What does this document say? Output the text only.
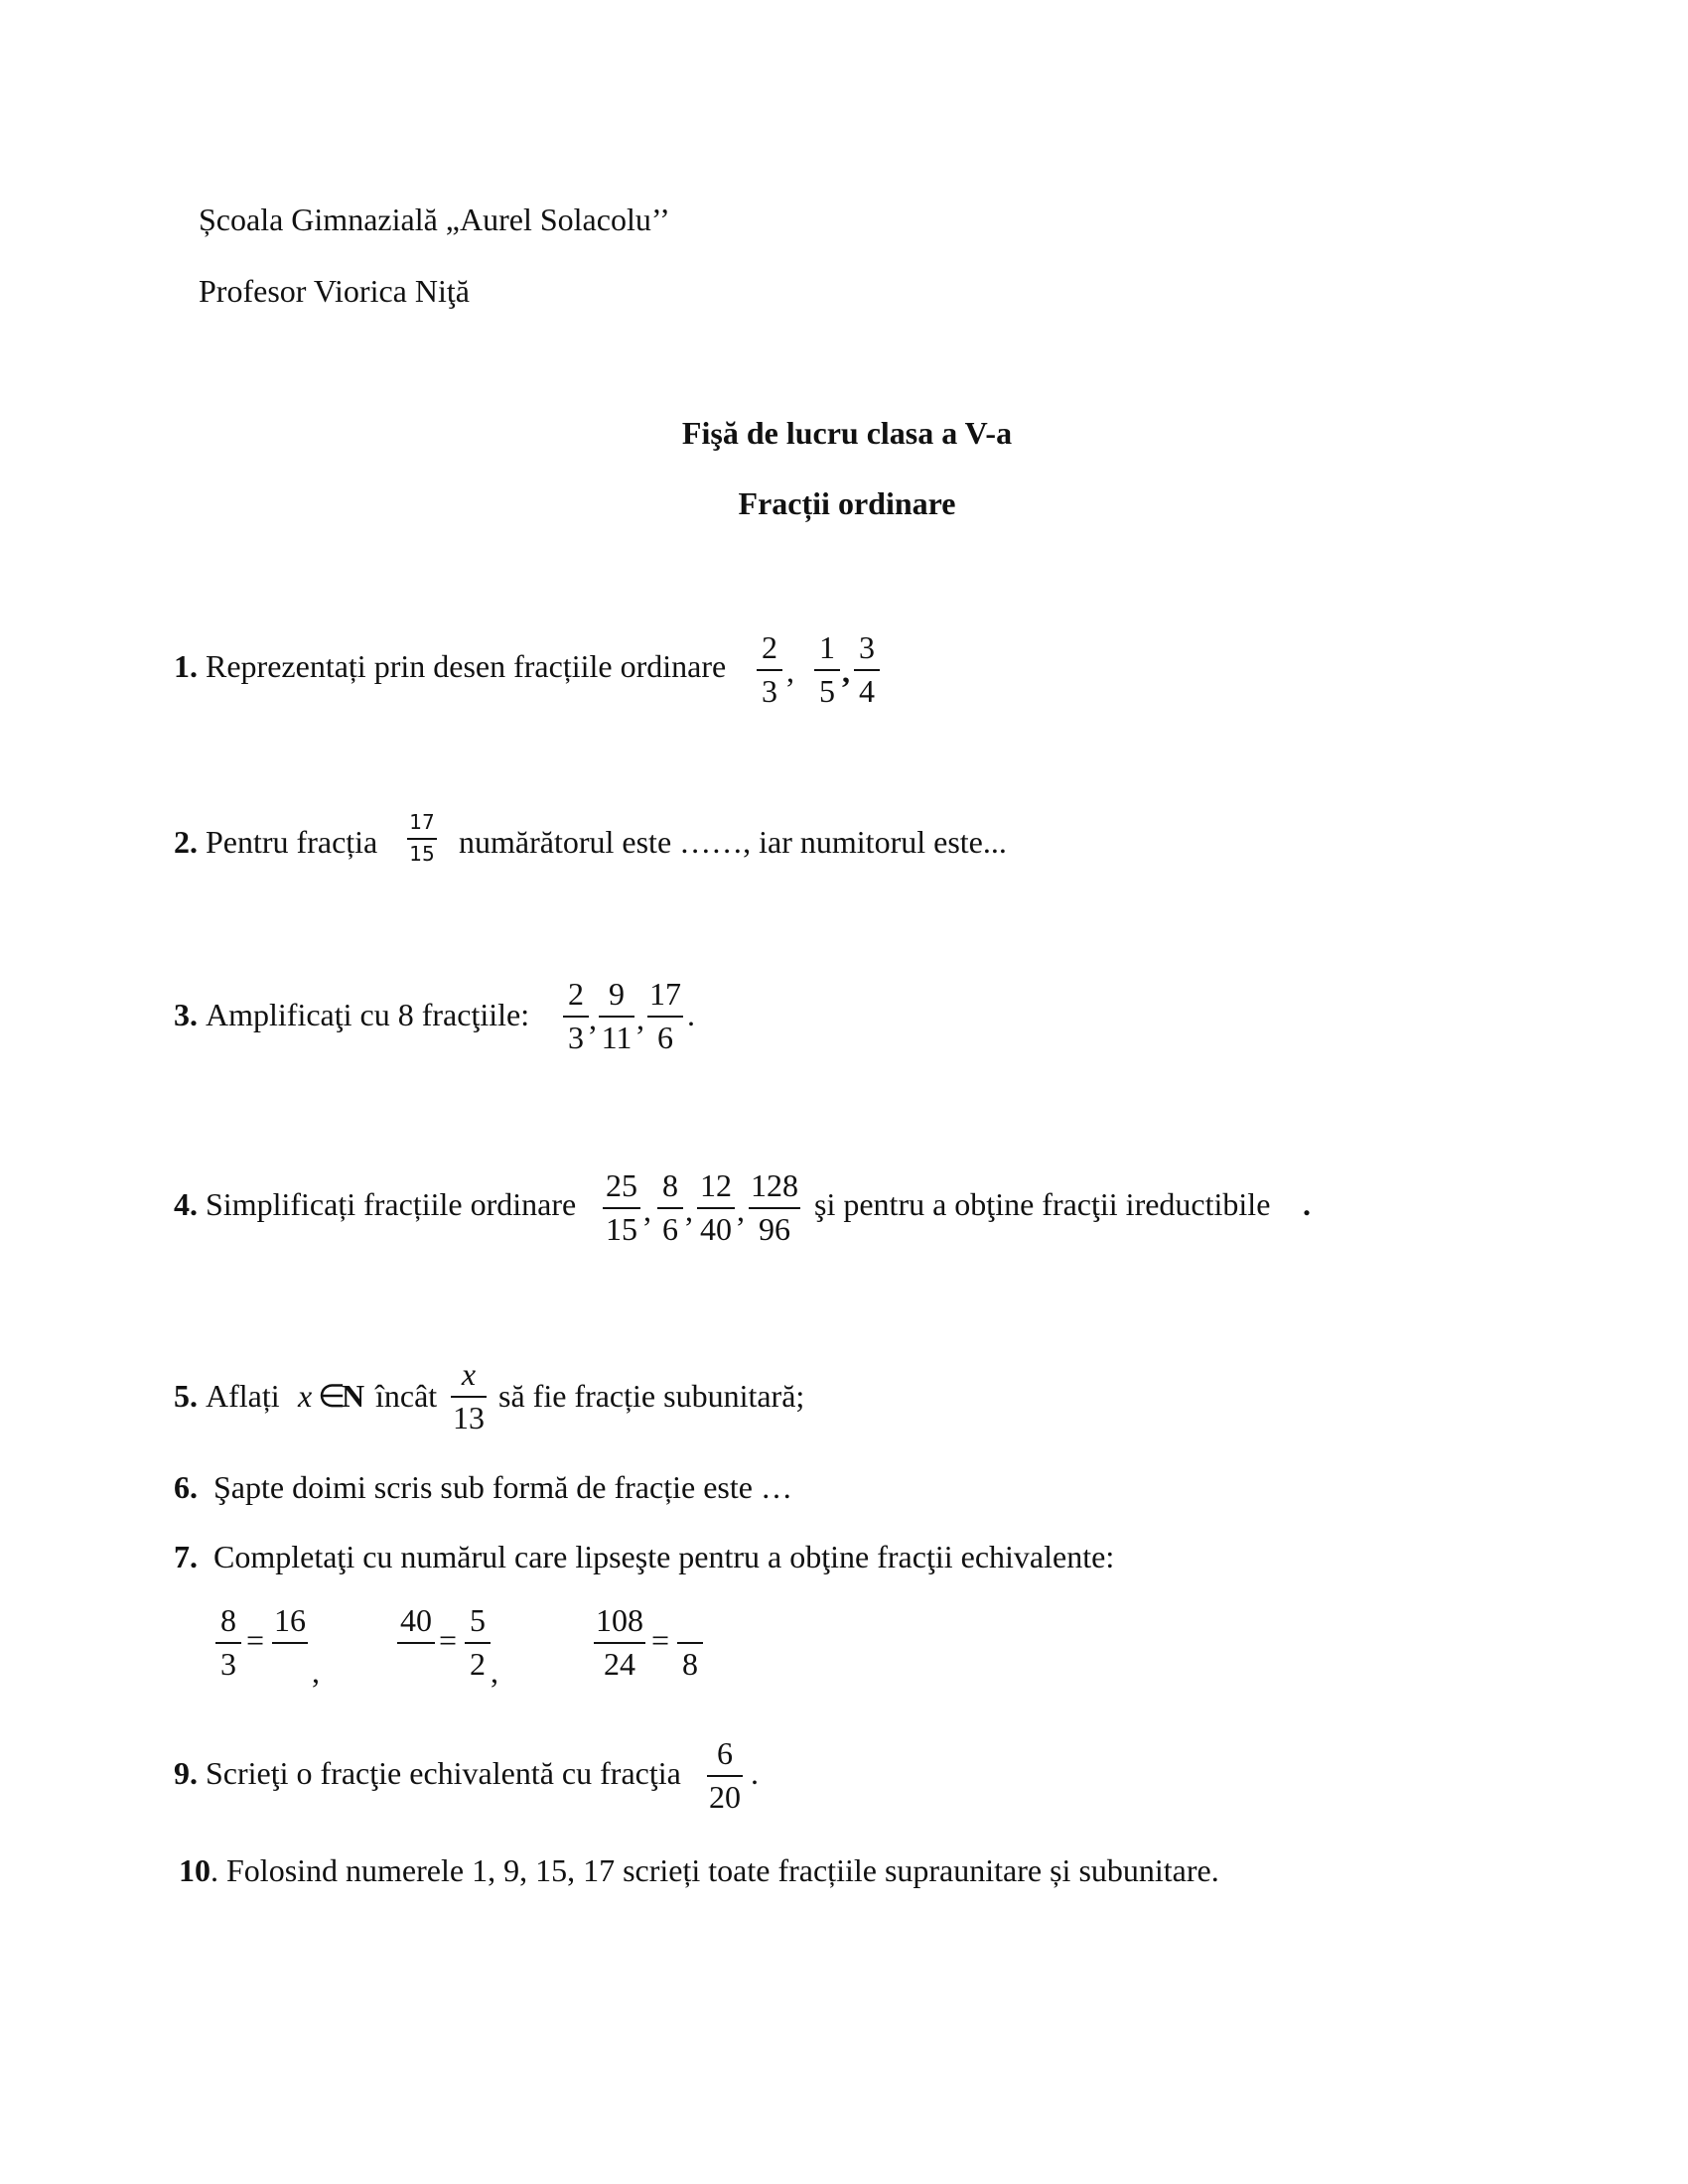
Școala Gimnazială „Aurel Solacolu’’
Profesor Viorica Niţă
Fişă de lucru clasa a V-a
Fracții ordinare
1. Reprezentați prin desen fracțiile ordinare
2
3
,
1
5
,
3
4
2. Pentru fracția
17
15 numărătorul este ……, iar numitorul este...
3. Amplificaţi cu 8 fracţiile:
2
3
,
9
11
,
17
6
.
4. Simplificați fracțiile ordinare
25
15
,
8
6
,
12
40
,
128
96
şi pentru a obţine fracţii ireductibile .
5. Aflați x ∈
N încât
x
13
să fie fracție subunitară;
6. Şapte doimi scris sub formă de fracție este …
7. Completaţi cu numărul care lipseşte pentru a obţine fracţii echivalente:
8
3
=
16
,
40
=
5
2 ,
108
24
=
8
9. Scrieţi o fracţie echivalentă cu fracţia
6
20
.
10 . Folosind numerele 1, 9, 15, 17 scrieți toate fracțiile supraunitare și subunitare.
